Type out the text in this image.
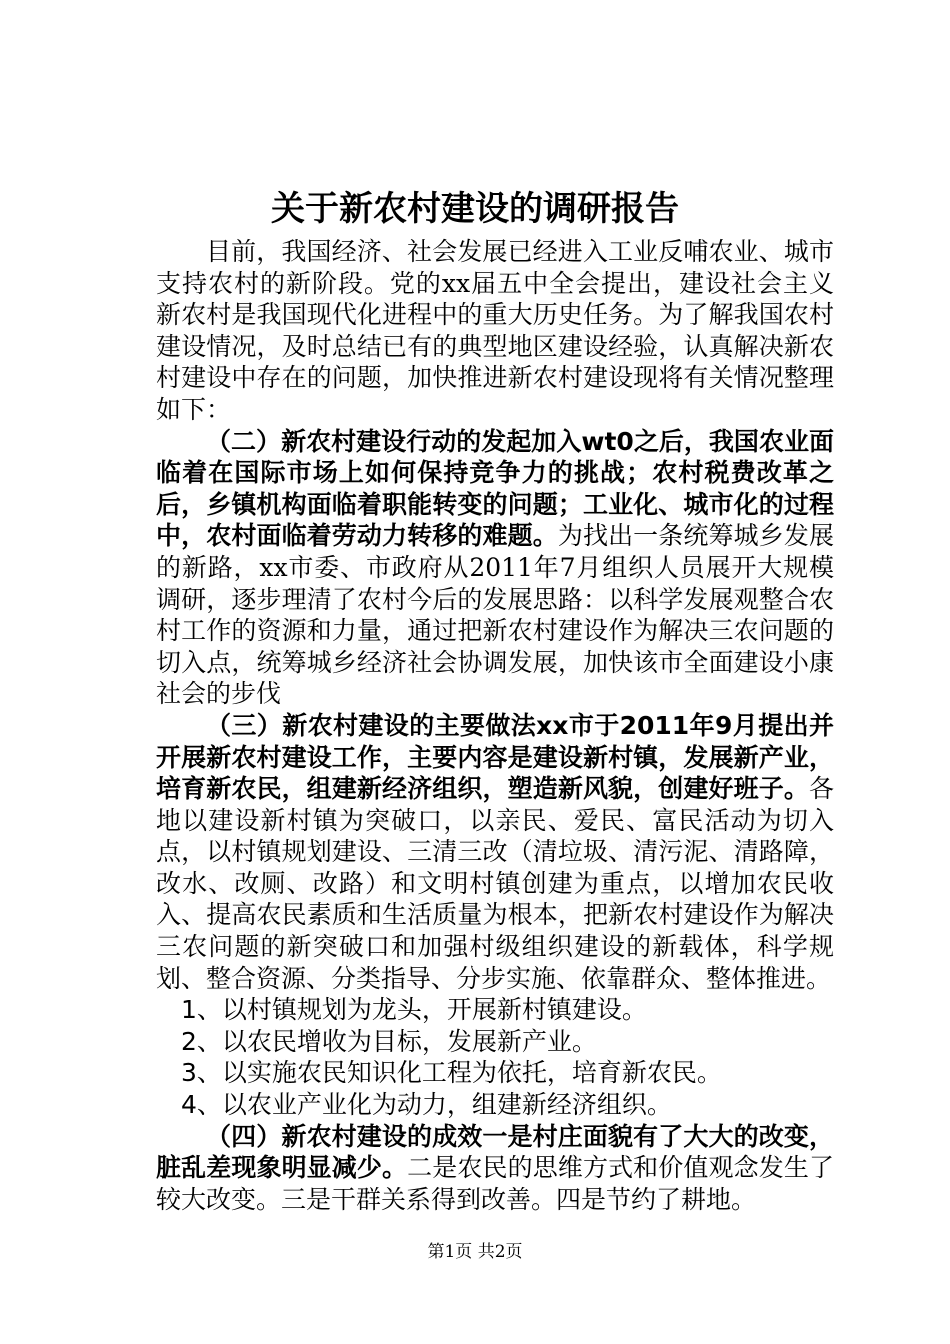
关于新农村建设的调研报告

目前，我国经济、社会发展已经进入工业反哺农业、城市支持农村的新阶段。党的xx届五中全会提出，建设社会主义新农村是我国现代化进程中的重大历史任务。为了解我国农村建设情况，及时总结已有的典型地区建设经验，认真解决新农村建设中存在的问题，加快推进新农村建设现将有关情况整理如下：

（二）新农村建设行动的发起加入wt0之后，我国农业面临着在国际市场上如何保持竞争力的挑战；农村税费改革之后，乡镇机构面临着职能转变的问题；工业化、城市化的过程中，农村面临着劳动力转移的难题。为找出一条统筹城乡发展的新路，xx市委、市政府从2011年7月组织人员展开大规模调研，逐步理清了农村今后的发展思路：以科学发展观整合农村工作的资源和力量，通过把新农村建设作为解决三农问题的切入点，统筹城乡经济社会协调发展，加快该市全面建设小康社会的步伐

（三）新农村建设的主要做法xx市于2011年9月提出并开展新农村建设工作，主要内容是建设新村镇，发展新产业，培育新农民，组建新经济组织，塑造新风貌，创建好班子。各地以建设新村镇为突破口，以亲民、爱民、富民活动为切入点，以村镇规划建设、三清三改（清垃圾、清污泥、清路障，改水、改厕、改路）和文明村镇创建为重点，以增加农民收入、提高农民素质和生活质量为根本，把新农村建设作为解决三农问题的新突破口和加强村级组织建设的新载体，科学规划、整合资源、分类指导、分步实施、依靠群众、整体推进。

1、以村镇规划为龙头，开展新村镇建设。

2、以农民增收为目标，发展新产业。

3、以实施农民知识化工程为依托，培育新农民。

4、以农业产业化为动力，组建新经济组织。

（四）新农村建设的成效一是村庄面貌有了大大的改变，脏乱差现象明显减少。二是农民的思维方式和价值观念发生了较大改变。三是干群关系得到改善。四是节约了耕地。

第1页 共2页
